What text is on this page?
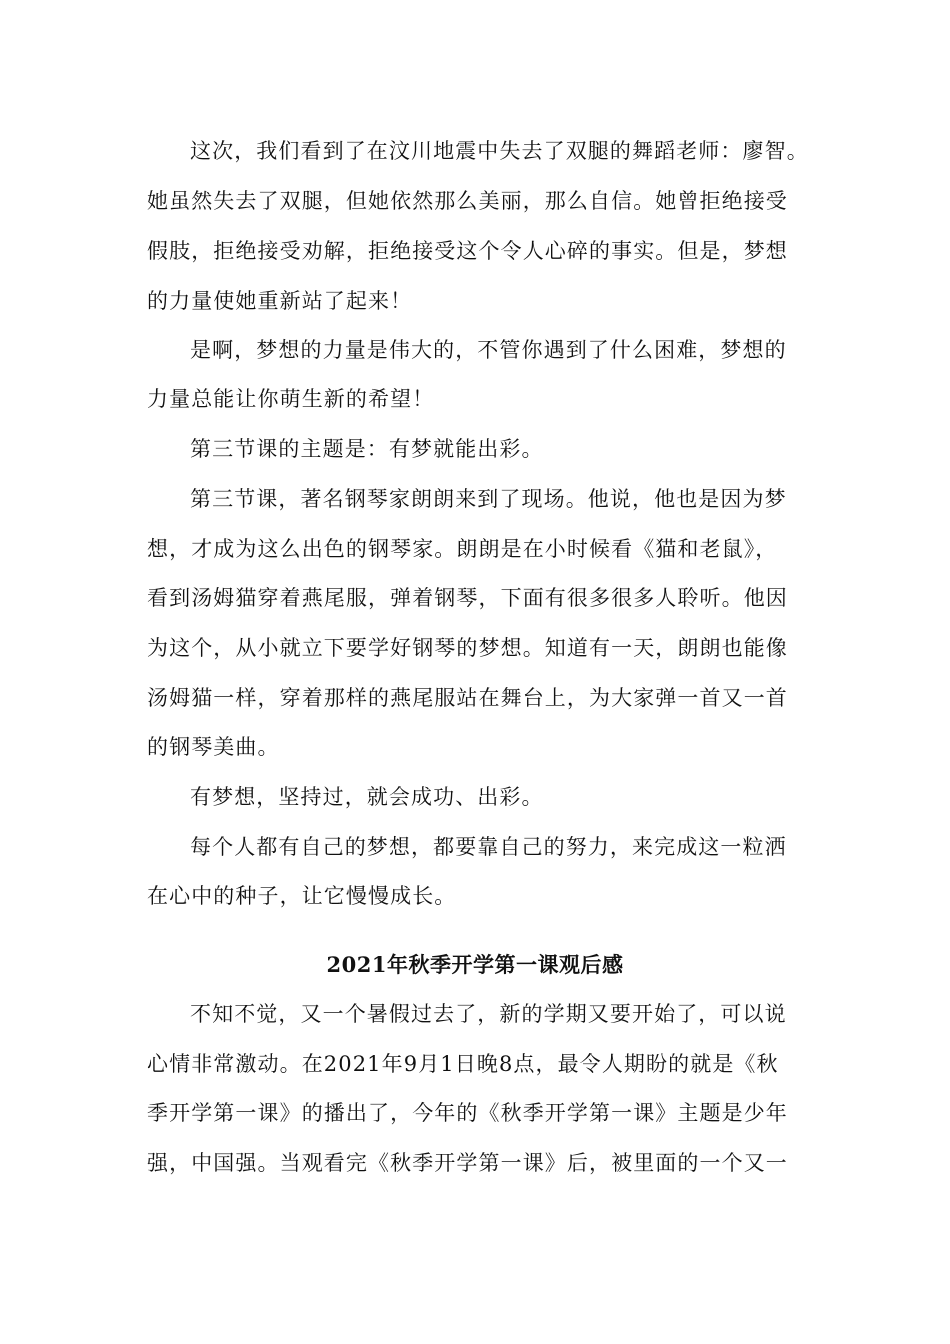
这次，我们看到了在汶川地震中失去了双腿的舞蹈老师：廖智。
她虽然失去了双腿，但她依然那么美丽，那么自信。她曾拒绝接受
假肢，拒绝接受劝解，拒绝接受这个令人心碎的事实。但是，梦想
的力量使她重新站了起来！
是啊，梦想的力量是伟大的，不管你遇到了什么困难，梦想的
力量总能让你萌生新的希望！
第三节课的主题是：有梦就能出彩。
第三节课，著名钢琴家朗朗来到了现场。他说，他也是因为梦
想，才成为这么出色的钢琴家。朗朗是在小时候看《猫和老鼠》，
看到汤姆猫穿着燕尾服，弹着钢琴，下面有很多很多人聆听。他因
为这个，从小就立下要学好钢琴的梦想。知道有一天，朗朗也能像
汤姆猫一样，穿着那样的燕尾服站在舞台上，为大家弹一首又一首
的钢琴美曲。
有梦想，坚持过，就会成功、出彩。
每个人都有自己的梦想，都要靠自己的努力，来完成这一粒洒
在心中的种子，让它慢慢成长。
2021年秋季开学第一课观后感
不知不觉，又一个暑假过去了，新的学期又要开始了，可以说
心情非常激动。在2021年9月1日晚8点，最令人期盼的就是《秋
季开学第一课》的播出了，今年的《秋季开学第一课》主题是少年
强，中国强。当观看完《秋季开学第一课》后，被里面的一个又一
